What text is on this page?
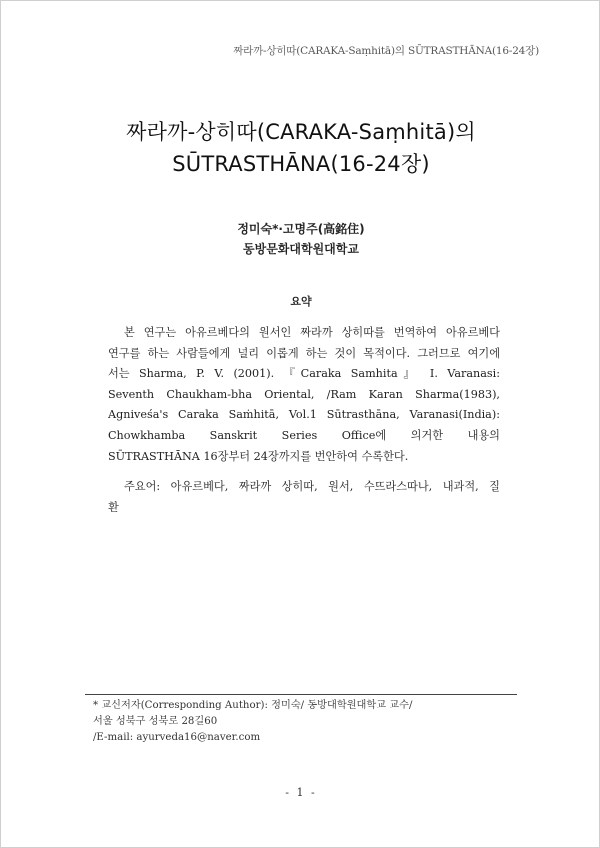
짜라까-상히따(CARAKA-Saṃhitā)의 SŪTRASTHĀNA(16-24장)
짜라까-상히따(CARAKA-Saṃhitā)의
SŪTRASTHĀNA(16-24장)
정미숙*·고명주(高銘住)
동방문화대학원대학교
요약
본 연구는 아유르베다의 원서인 짜라까 상히따를 번역하여 아유르베다
연구를 하는 사람들에게 널리 이롭게 하는 것이 목적이다. 그러므로 여기에
서는 Sharma, P. V. (2001). 『Caraka Samhita』 I. Varanasi:
Seventh Chaukham-bha Oriental, /Ram Karan Sharma(1983),
Agniveśa's Caraka Saṁhitā, Vol.1 Sūtrasthāna, Varanasi(India):
Chowkhamba Sanskrit Series Office에 의거한 내용의
SŪTRASTHĀNA 16장부터 24장까지를 번안하여 수록한다.
주요어: 아유르베다, 짜라까 상히따, 원서, 수뜨라스따나, 내과적, 질
환
* 교신저자(Corresponding Author): 정미숙/ 동방대학원대학교 교수/
서울 성북구 성북로 28길60
/E-mail: ayurveda16@naver.com
- 1 -
